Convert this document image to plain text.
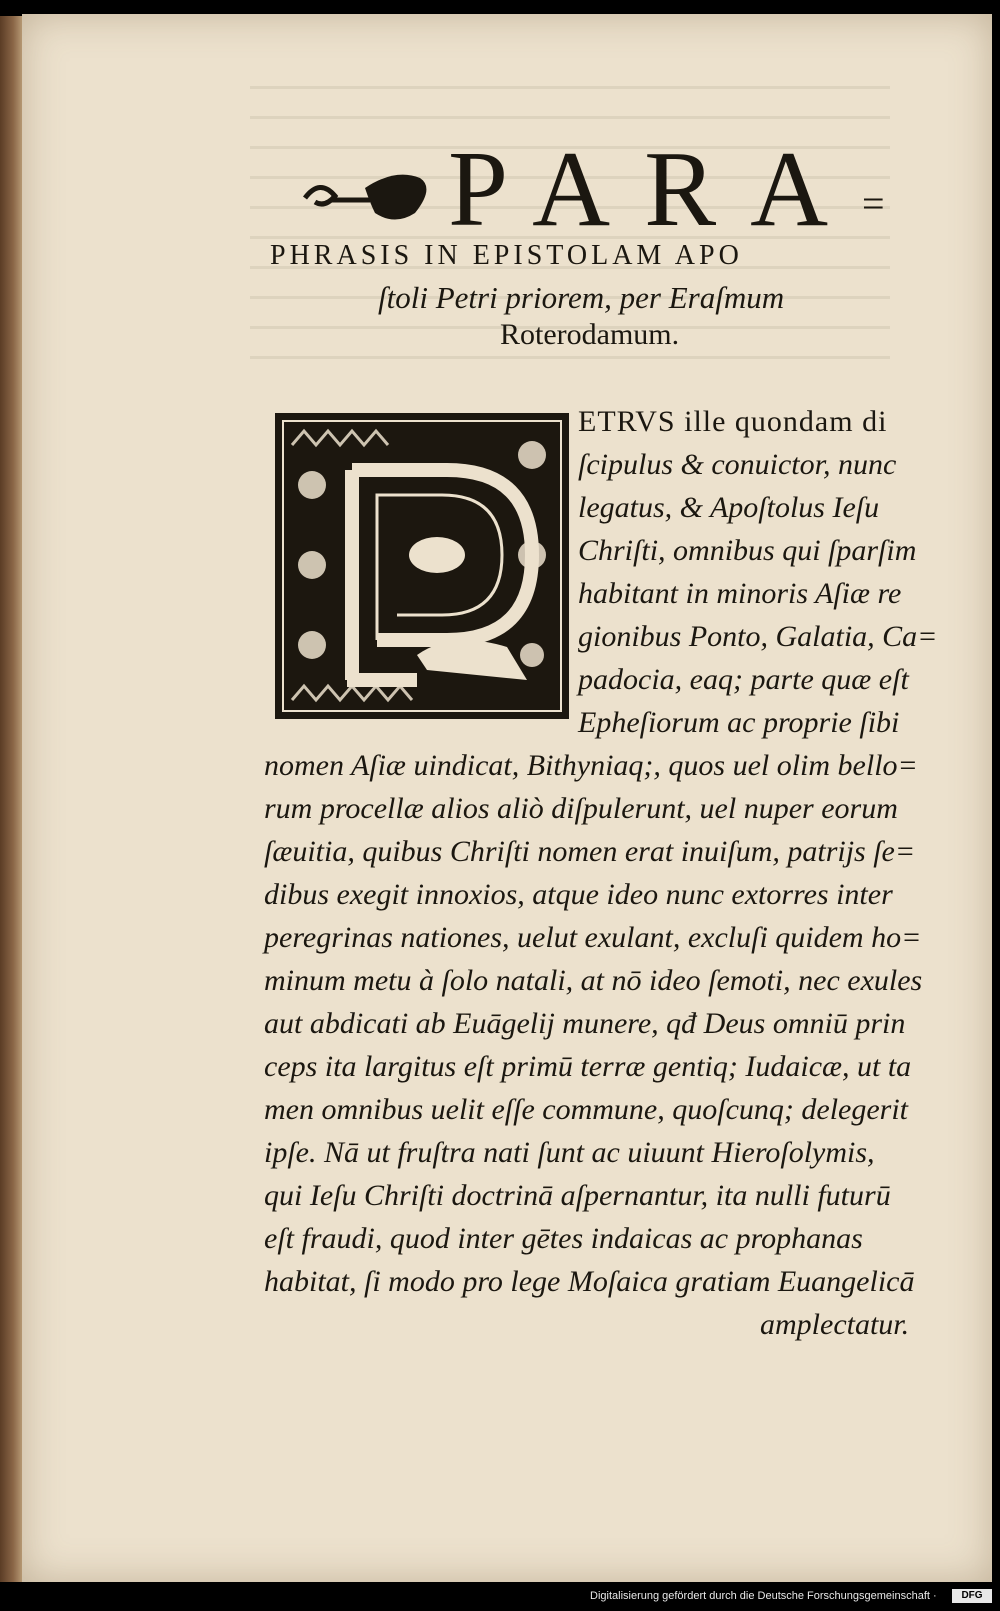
PARA =
PHRASIS IN EPISTOLAM APO
ſtoli Petri priorem, per Eraſmum
Roterodamum.
ETRVS ille quondam di
ſcipulus & conuictor, nunc
legatus, & Apoſtolus Ieſu
Chriſti, omnibus qui ſparſim
habitant in minoris Aſiæ re
gionibus Ponto, Galatia, Ca=
padocia, eaq; parte quæ eſt
Epheſiorum ac proprie ſibi
nomen Aſiæ uindicat, Bithyniaq;, quos uel olim bello=
rum procellæ alios aliò diſpulerunt, uel nuper eorum
ſæuitia, quibus Chriſti nomen erat inuiſum, patrijs ſe=
dibus exegit innoxios, atque ideo nunc extorres inter
peregrinas nationes, uelut exulant, excluſi quidem ho=
minum metu à ſolo natali, at nō ideo ſemoti, nec exules
aut abdicati ab Euāgelij munere, qđ Deus omniū prin
ceps ita largitus eſt primū terræ gentiq; Iudaicæ, ut ta
men omnibus uelit eſſe commune, quoſcunq; delegerit
ipſe. Nā ut fruſtra nati ſunt ac uiuunt Hieroſolymis,
qui Ieſu Chriſti doctrinā aſpernantur, ita nulli futurū
eſt fraudi, quod inter gētes indaicas ac prophanas
habitat, ſi modo pro lege Moſaica gratiam Euangelicā
amplectatur.
Digitalisierung gefördert durch die Deutsche Forschungsgemeinschaft ·	DFG
